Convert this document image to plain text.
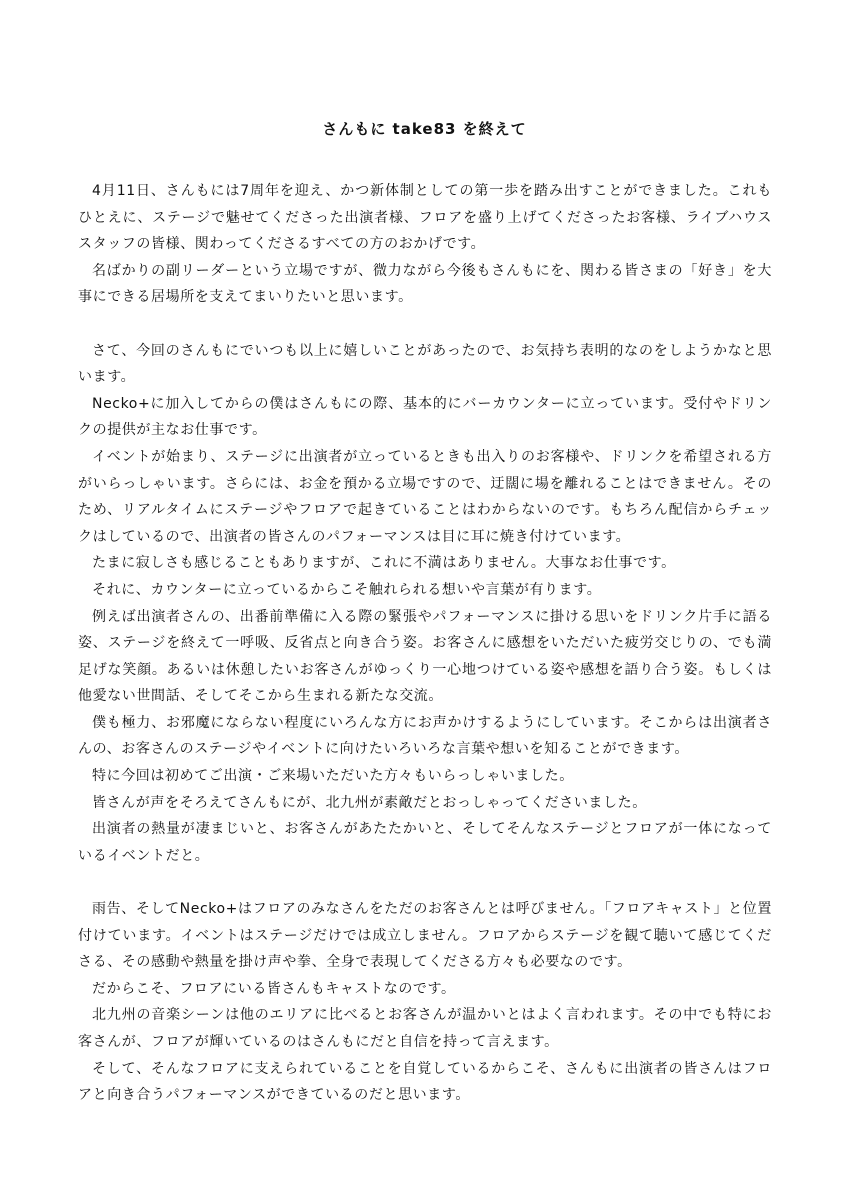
さんもに take83 を終えて

4月11日、さんもには7周年を迎え、かつ新体制としての第一歩を踏み出すことができました。これもひとえに、ステージで魅せてくださった出演者様、フロアを盛り上げてくださったお客様、ライブハウススタッフの皆様、関わってくださるすべての方のおかげです。

名ばかりの副リーダーという立場ですが、微力ながら今後もさんもにを、関わる皆さまの「好き」を大事にできる居場所を支えてまいりたいと思います。

さて、今回のさんもにでいつも以上に嬉しいことがあったので、お気持ち表明的なのをしようかなと思います。

Necko+に加入してからの僕はさんもにの際、基本的にバーカウンターに立っています。受付やドリンクの提供が主なお仕事です。

イベントが始まり、ステージに出演者が立っているときも出入りのお客様や、ドリンクを希望される方がいらっしゃいます。さらには、お金を預かる立場ですので、迂闊に場を離れることはできません。そのため、リアルタイムにステージやフロアで起きていることはわからないのです。もちろん配信からチェックはしているので、出演者の皆さんのパフォーマンスは目に耳に焼き付けています。

たまに寂しさも感じることもありますが、これに不満はありません。大事なお仕事です。

それに、カウンターに立っているからこそ触れられる想いや言葉が有ります。

例えば出演者さんの、出番前準備に入る際の緊張やパフォーマンスに掛ける思いをドリンク片手に語る姿、ステージを終えて一呼吸、反省点と向き合う姿。お客さんに感想をいただいた疲労交じりの、でも満足げな笑顔。あるいは休憩したいお客さんがゆっくり一心地つけている姿や感想を語り合う姿。もしくは他愛ない世間話、そしてそこから生まれる新たな交流。

僕も極力、お邪魔にならない程度にいろんな方にお声かけするようにしています。そこからは出演者さんの、お客さんのステージやイベントに向けたいろいろな言葉や想いを知ることができます。

特に今回は初めてご出演・ご来場いただいた方々もいらっしゃいました。

皆さんが声をそろえてさんもにが、北九州が素敵だとおっしゃってくださいました。

出演者の熱量が凄まじいと、お客さんがあたたかいと、そしてそんなステージとフロアが一体になっているイベントだと。

雨告、そしてNecko+はフロアのみなさんをただのお客さんとは呼びません。「フロアキャスト」と位置付けています。イベントはステージだけでは成立しません。フロアからステージを観て聴いて感じてくださる、その感動や熱量を掛け声や拳、全身で表現してくださる方々も必要なのです。

だからこそ、フロアにいる皆さんもキャストなのです。

北九州の音楽シーンは他のエリアに比べるとお客さんが温かいとはよく言われます。その中でも特にお客さんが、フロアが輝いているのはさんもにだと自信を持って言えます。

そして、そんなフロアに支えられていることを自覚しているからこそ、さんもに出演者の皆さんはフロアと向き合うパフォーマンスができているのだと思います。
